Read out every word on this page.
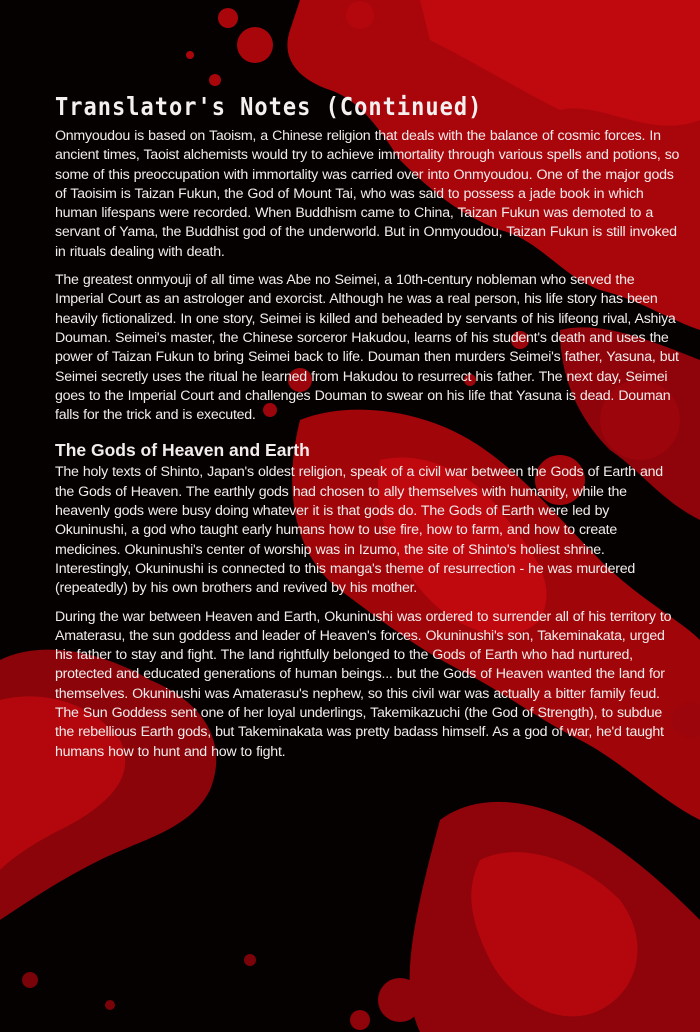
Translator's Notes (Continued)

Onmyoudou is based on Taoism, a Chinese religion that deals with the balance of cosmic forces. In ancient times, Taoist alchemists would try to achieve immortality through various spells and potions, so some of this preoccupation with immortality was carried over into Onmyoudou. One of the major gods of Taoisim is Taizan Fukun, the God of Mount Tai, who was said to possess a jade book in which human lifespans were recorded. When Buddhism came to China, Taizan Fukun was demoted to a servant of Yama, the Buddhist god of the underworld. But in Onmyoudou, Taizan Fukun is still invoked in rituals dealing with death.

The greatest onmyouji of all time was Abe no Seimei, a 10th-century nobleman who served the Imperial Court as an astrologer and exorcist. Although he was a real person, his life story has been heavily fictionalized. In one story, Seimei is killed and beheaded by servants of his lifeong rival, Ashiya Douman. Seimei's master, the Chinese sorceror Hakudou, learns of his student's death and uses the power of Taizan Fukun to bring Seimei back to life. Douman then murders Seimei's father, Yasuna, but Seimei secretly uses the ritual he learned from Hakudou to resurrect his father. The next day, Seimei goes to the Imperial Court and challenges Douman to swear on his life that Yasuna is dead. Douman falls for the trick and is executed.

The Gods of Heaven and Earth

The holy texts of Shinto, Japan's oldest religion, speak of a civil war between the Gods of Earth and the Gods of Heaven. The earthly gods had chosen to ally themselves with humanity, while the heavenly gods were busy doing whatever it is that gods do. The Gods of Earth were led by Okuninushi, a god who taught early humans how to use fire, how to farm, and how to create medicines. Okuninushi's center of worship was in Izumo, the site of Shinto's holiest shrine. Interestingly, Okuninushi is connected to this manga's theme of resurrection - he was murdered (repeatedly) by his own brothers and revived by his mother.

During the war between Heaven and Earth, Okuninushi was ordered to surrender all of his territory to Amaterasu, the sun goddess and leader of Heaven's forces. Okuninushi's son, Takeminakata, urged his father to stay and fight. The land rightfully belonged to the Gods of Earth who had nurtured, protected and educated generations of human beings... but the Gods of Heaven wanted the land for themselves. Okuninushi was Amaterasu's nephew, so this civil war was actually a bitter family feud. The Sun Goddess sent one of her loyal underlings, Takemikazuchi (the God of Strength), to subdue the rebellious Earth gods, but Takeminakata was pretty badass himself. As a god of war, he'd taught humans how to hunt and how to fight.
